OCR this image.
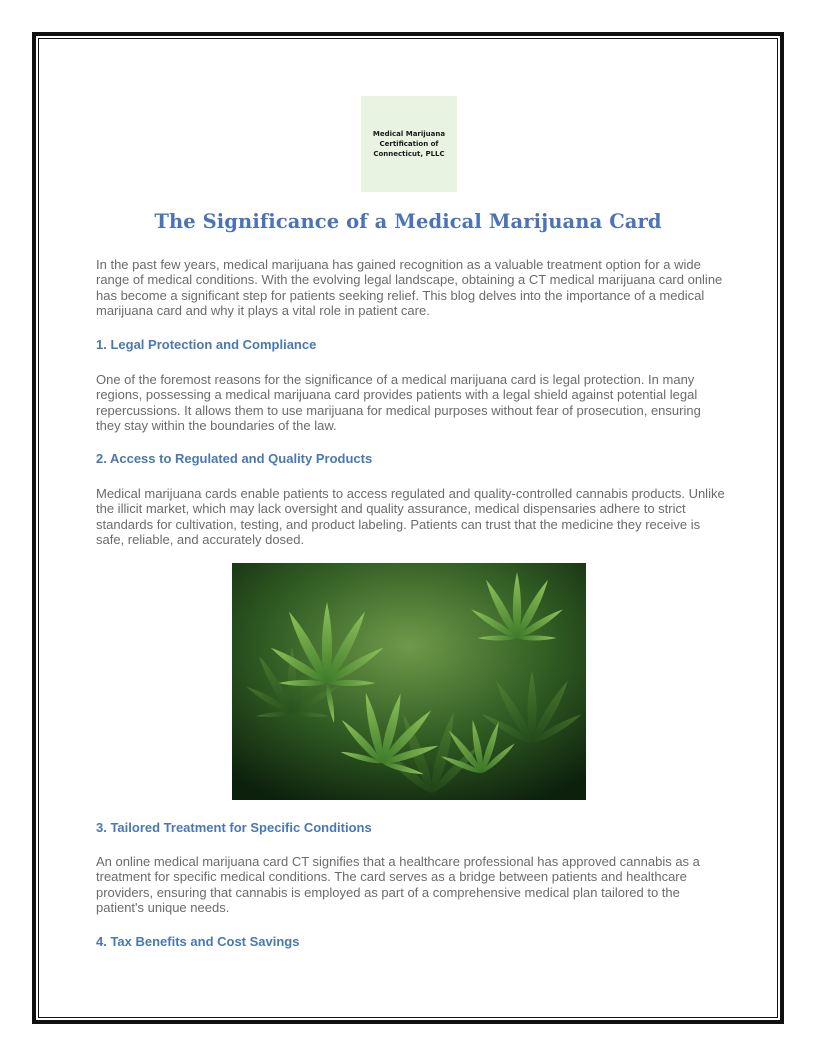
Medical Marijuana Certification of Connecticut, PLLC
The Significance of a Medical Marijuana Card

In the past few years, medical marijuana has gained recognition as a valuable treatment option for a wide range of medical conditions. With the evolving legal landscape, obtaining a CT medical marijuana card online has become a significant step for patients seeking relief. This blog delves into the importance of a medical marijuana card and why it plays a vital role in patient care.

1. Legal Protection and Compliance

One of the foremost reasons for the significance of a medical marijuana card is legal protection. In many regions, possessing a medical marijuana card provides patients with a legal shield against potential legal repercussions. It allows them to use marijuana for medical purposes without fear of prosecution, ensuring they stay within the boundaries of the law.

2. Access to Regulated and Quality Products

Medical marijuana cards enable patients to access regulated and quality-controlled cannabis products. Unlike the illicit market, which may lack oversight and quality assurance, medical dispensaries adhere to strict standards for cultivation, testing, and product labeling. Patients can trust that the medicine they receive is safe, reliable, and accurately dosed.

3. Tailored Treatment for Specific Conditions

An online medical marijuana card CT signifies that a healthcare professional has approved cannabis as a treatment for specific medical conditions. The card serves as a bridge between patients and healthcare providers, ensuring that cannabis is employed as part of a comprehensive medical plan tailored to the patient's unique needs.

4. Tax Benefits and Cost Savings
